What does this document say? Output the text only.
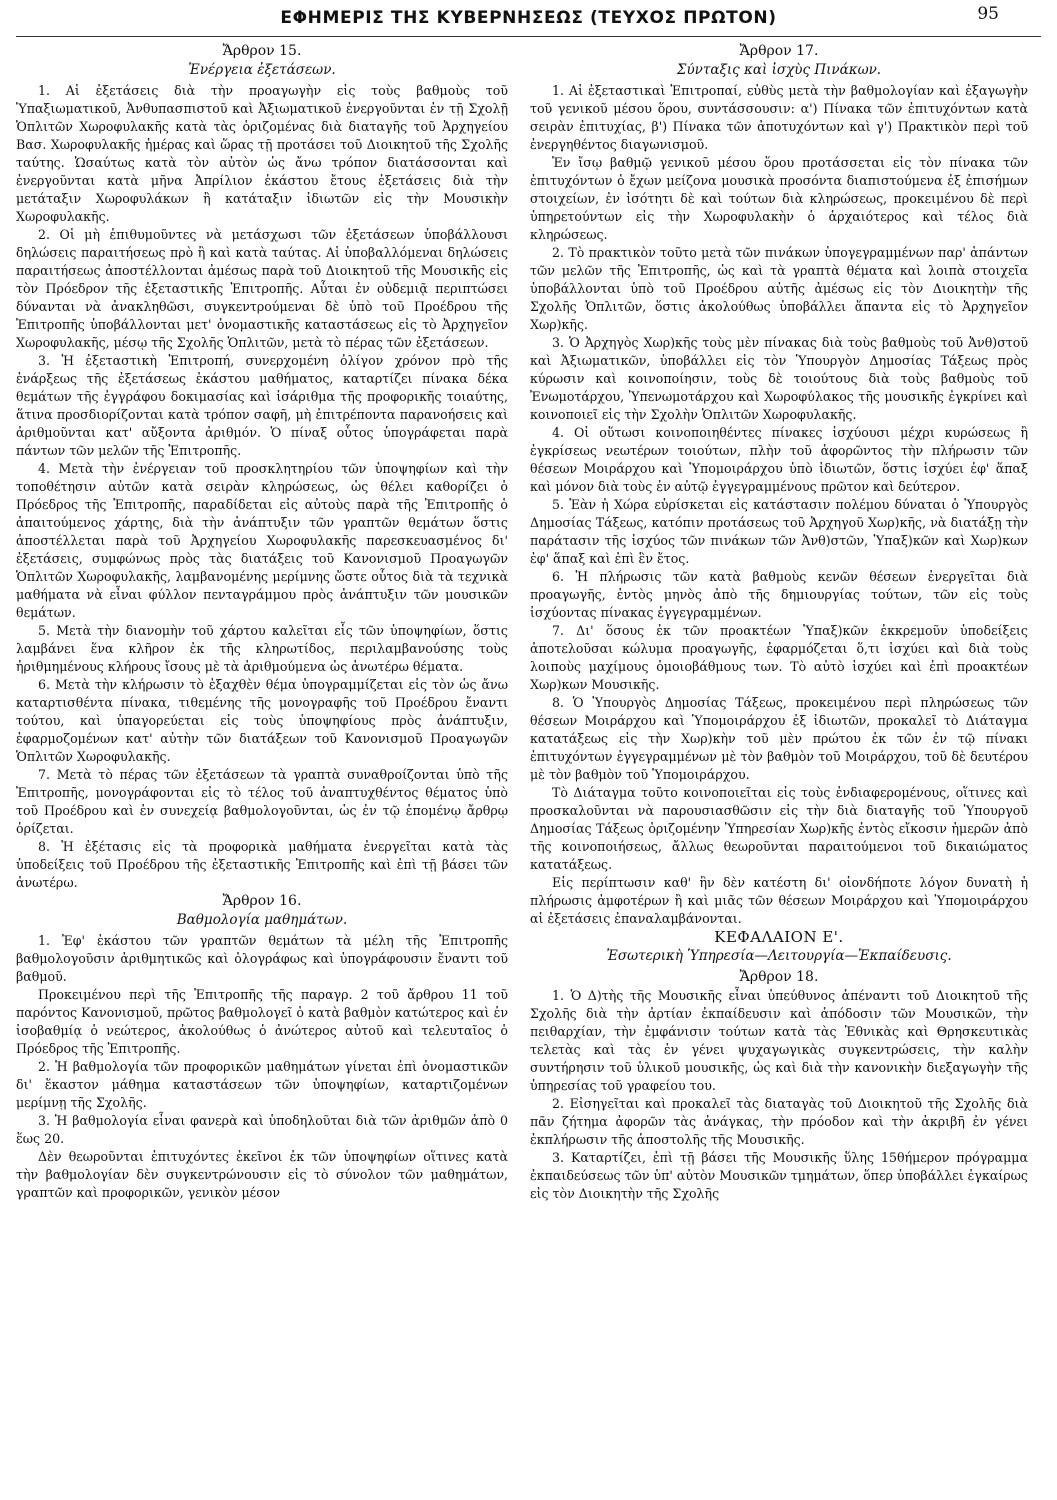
ΕΦΗΜΕΡΙΣ ΤΗΣ ΚΥΒΕΡΝΗΣΕΩΣ (ΤΕΥΧΟΣ ΠΡΩΤΟΝ)	95
Ἄρθρον 15.
Ἐνέργεια ἐξετάσεων.

1. Αἱ ἐξετάσεις διὰ τὴν προαγωγὴν εἰς τοὺς βαθμοὺς τοῦ Ὑπαξιωματικοῦ, Ἀνθυπασπιστοῦ καὶ Ἀξιωματικοῦ ἐνεργοῦνται ἐν τῇ Σχολῇ Ὁπλιτῶν Χωροφυλακῆς κατὰ τὰς ὁριζομένας διὰ διαταγῆς τοῦ Ἀρχηγείου Βασ. Χωροφυλακῆς ἡμέρας καὶ ὥρας τῇ προτάσει τοῦ Διοικητοῦ τῆς Σχολῆς ταύτης. Ὡσαύτως κατὰ τὸν αὐτὸν ὡς ἄνω τρόπον διατάσσονται καὶ ἐνεργοῦνται κατὰ μῆνα Ἀπρίλιον ἑκάστου ἔτους ἐξετάσεις διὰ τὴν μετάταξιν Χωροφυλάκων ἢ κατάταξιν ἰδιωτῶν εἰς τὴν Μουσικὴν Χωροφυλακῆς.

2. Οἱ μὴ ἐπιθυμοῦντες νὰ μετάσχωσι τῶν ἐξετάσεων ὑποβάλλουσι δηλώσεις παραιτήσεως πρὸ ἢ καὶ κατὰ ταύτας. Αἱ ὑποβαλλόμεναι δηλώσεις παραιτήσεως ἀποστέλλονται ἀμέσως παρὰ τοῦ Διοικητοῦ τῆς Μουσικῆς εἰς τὸν Πρόεδρον τῆς ἐξεταστικῆς Ἐπιτροπῆς. Αὗται ἐν οὐδεμιᾷ περιπτώσει δύνανται νὰ ἀνακληθῶσι, συγκεντρούμεναι δὲ ὑπὸ τοῦ Προέδρου τῆς Ἐπιτροπῆς ὑποβάλλονται μετ' ὀνομαστικῆς καταστάσεως εἰς τὸ Ἀρχηγεῖον Χωροφυλακῆς, μέσῳ τῆς Σχολῆς Ὁπλιτῶν, μετὰ τὸ πέρας τῶν ἐξετάσεων.

3. Ἡ ἐξεταστικὴ Ἐπιτροπή, συνερχομένη ὀλίγον χρόνον πρὸ τῆς ἐνάρξεως τῆς ἐξετάσεως ἑκάστου μαθήματος, καταρτίζει πίνακα δέκα θεμάτων τῆς ἐγγράφου δοκιμασίας καὶ ἰσάριθμα τῆς προφορικῆς τοιαύτης, ἅτινα προσδιορίζονται κατὰ τρόπον σαφῆ, μὴ ἐπιτρέποντα παρανοήσεις καὶ ἀριθμοῦνται κατ' αὔξοντα ἀριθμόν. Ὁ πίναξ οὗτος ὑπογράφεται παρὰ πάντων τῶν μελῶν τῆς Ἐπιτροπῆς.

4. Μετὰ τὴν ἐνέργειαν τοῦ προσκλητηρίου τῶν ὑποψηφίων καὶ τὴν τοποθέτησιν αὐτῶν κατὰ σειρὰν κληρώσεως, ὡς θέλει καθορίζει ὁ Πρόεδρος τῆς Ἐπιτροπῆς, παραδίδεται εἰς αὐτοὺς παρὰ τῆς Ἐπιτροπῆς ὁ ἀπαιτούμενος χάρτης, διὰ τὴν ἀνάπτυξιν τῶν γραπτῶν θεμάτων ὅστις ἀποστέλλεται παρὰ τοῦ Ἀρχηγείου Χωροφυλακῆς παρεσκευασμένος δι' ἐξετάσεις, συμφώνως πρὸς τὰς διατάξεις τοῦ Κανονισμοῦ Προαγωγῶν Ὁπλιτῶν Χωροφυλακῆς, λαμβανομένης μερίμνης ὥστε οὗτος διὰ τὰ τεχνικὰ μαθήματα νὰ εἶναι φύλλον πενταγράμμου πρὸς ἀνάπτυξιν τῶν μουσικῶν θεμάτων.

5. Μετὰ τὴν διανομὴν τοῦ χάρτου καλεῖται εἷς τῶν ὑποψηφίων, ὅστις λαμβάνει ἕνα κλῆρον ἐκ τῆς κληρωτίδος, περιλαμβανούσης τοὺς ἠριθμημένους κλήρους ἴσους μὲ τὰ ἀριθμούμενα ὡς ἀνωτέρω θέματα.

6. Μετὰ τὴν κλήρωσιν τὸ ἐξαχθὲν θέμα ὑπογραμμίζεται εἰς τὸν ὡς ἄνω καταρτισθέντα πίνακα, τιθεμένης τῆς μονογραφῆς τοῦ Προέδρου ἔναντι τούτου, καὶ ὑπαγορεύεται εἰς τοὺς ὑποψηφίους πρὸς ἀνάπτυξιν, ἐφαρμοζομένων κατ' αὐτὴν τῶν διατάξεων τοῦ Κανονισμοῦ Προαγωγῶν Ὁπλιτῶν Χωροφυλακῆς.

7. Μετὰ τὸ πέρας τῶν ἐξετάσεων τὰ γραπτὰ συναθροίζονται ὑπὸ τῆς Ἐπιτροπῆς, μονογράφονται εἰς τὸ τέλος τοῦ ἀναπτυχθέντος θέματος ὑπὸ τοῦ Προέδρου καὶ ἐν συνεχείᾳ βαθμολογοῦνται, ὡς ἐν τῷ ἑπομένῳ ἄρθρῳ ὁρίζεται.

8. Ἡ ἐξέτασις εἰς τὰ προφορικὰ μαθήματα ἐνεργεῖται κατὰ τὰς ὑποδείξεις τοῦ Προέδρου τῆς ἐξεταστικῆς Ἐπιτροπῆς καὶ ἐπὶ τῇ βάσει τῶν ἀνωτέρω.

Ἄρθρον 16.
Βαθμολογία μαθημάτων.

1. Ἐφ' ἑκάστου τῶν γραπτῶν θεμάτων τὰ μέλη τῆς Ἐπιτροπῆς βαθμολογοῦσιν ἀριθμητικῶς καὶ ὁλογράφως καὶ ὑπογράφουσιν ἔναντι τοῦ βαθμοῦ.

Προκειμένου περὶ τῆς Ἐπιτροπῆς τῆς παραγρ. 2 τοῦ ἄρθρου 11 τοῦ παρόντος Κανονισμοῦ, πρῶτος βαθμολογεῖ ὁ κατὰ βαθμὸν κατώτερος καὶ ἐν ἰσοβαθμίᾳ ὁ νεώτερος, ἀκολούθως ὁ ἀνώτερος αὐτοῦ καὶ τελευταῖος ὁ Πρόεδρος τῆς Ἐπιτροπῆς.

2. Ἡ βαθμολογία τῶν προφορικῶν μαθημάτων γίνεται ἐπὶ ὀνομαστικῶν δι' ἕκαστον μάθημα καταστάσεων τῶν ὑποψηφίων, καταρτιζομένων μερίμνῃ τῆς Σχολῆς.

3. Ἡ βαθμολογία εἶναι φανερὰ καὶ ὑποδηλοῦται διὰ τῶν ἀριθμῶν ἀπὸ 0 ἕως 20.

Δὲν θεωροῦνται ἐπιτυχόντες ἐκεῖνοι ἐκ τῶν ὑποψηφίων οἵτινες κατὰ τὴν βαθμολογίαν δὲν συγκεντρώνουσιν εἰς τὸ σύνολον τῶν μαθημάτων, γραπτῶν καὶ προφορικῶν, γενικὸν μέσον

Ἄρθρον 17.
Σύνταξις καὶ ἰσχὺς Πινάκων.

1. Αἱ ἐξεταστικαὶ Ἐπιτροπαί, εὐθὺς μετὰ τὴν βαθμολογίαν καὶ ἐξαγωγὴν τοῦ γενικοῦ μέσου ὅρου, συντάσσουσιν: α') Πίνακα τῶν ἐπιτυχόντων κατὰ σειρὰν ἐπιτυχίας, β') Πίνακα τῶν ἀποτυχόντων καὶ γ') Πρακτικὸν περὶ τοῦ ἐνεργηθέντος διαγωνισμοῦ.

Ἐν ἴσῳ βαθμῷ γενικοῦ μέσου ὅρου προτάσσεται εἰς τὸν πίνακα τῶν ἐπιτυχόντων ὁ ἔχων μείζονα μουσικὰ προσόντα διαπιστούμενα ἐξ ἐπισήμων στοιχείων, ἐν ἰσότητι δὲ καὶ τούτων διὰ κληρώσεως, προκειμένου δὲ περὶ ὑπηρετούντων εἰς τὴν Χωροφυλακὴν ὁ ἀρχαιότερος καὶ τέλος διὰ κληρώσεως.

2. Τὸ πρακτικὸν τοῦτο μετὰ τῶν πινάκων ὑπογεγραμμένων παρ' ἁπάντων τῶν μελῶν τῆς Ἐπιτροπῆς, ὡς καὶ τὰ γραπτὰ θέματα καὶ λοιπὰ στοιχεῖα ὑποβάλλονται ὑπὸ τοῦ Προέδρου αὐτῆς ἀμέσως εἰς τὸν Διοικητὴν τῆς Σχολῆς Ὁπλιτῶν, ὅστις ἀκολούθως ὑποβάλλει ἅπαντα εἰς τὸ Ἀρχηγεῖον Χωρ)κῆς.

3. Ὁ Ἀρχηγὸς Χωρ)κῆς τοὺς μὲν πίνακας διὰ τοὺς βαθμοὺς τοῦ Ἀνθ)στοῦ καὶ Ἀξιωματικῶν, ὑποβάλλει εἰς τὸν Ὑπουργὸν Δημοσίας Τάξεως πρὸς κύρωσιν καὶ κοινοποίησιν, τοὺς δὲ τοιούτους διὰ τοὺς βαθμοὺς τοῦ Ἐνωμοτάρχου, Ὑπενωμοτάρχου καὶ Χωροφύλακος τῆς μουσικῆς ἐγκρίνει καὶ κοινοποιεῖ εἰς τὴν Σχολὴν Ὁπλιτῶν Χωροφυλακῆς.

4. Οἱ οὕτωσι κοινοποιηθέντες πίνακες ἰσχύουσι μέχρι κυρώσεως ἢ ἐγκρίσεως νεωτέρων τοιούτων, πλὴν τοῦ ἀφορῶντος τὴν πλήρωσιν τῶν θέσεων Μοιράρχου καὶ Ὑπομοιράρχου ὑπὸ ἰδιωτῶν, ὅστις ἰσχύει ἐφ' ἅπαξ καὶ μόνον διὰ τοὺς ἐν αὐτῷ ἐγγεγραμμένους πρῶτον καὶ δεύτερον.

5. Ἐὰν ἡ Χώρα εὑρίσκεται εἰς κατάστασιν πολέμου δύναται ὁ Ὑπουργὸς Δημοσίας Τάξεως, κατόπιν προτάσεως τοῦ Ἀρχηγοῦ Χωρ)κῆς, νὰ διατάξῃ τὴν παράτασιν τῆς ἰσχύος τῶν πινάκων τῶν Ἀνθ)στῶν, Ὑπαξ)κῶν καὶ Χωρ)κων ἐφ' ἅπαξ καὶ ἐπὶ ἓν ἔτος.

6. Ἡ πλήρωσις τῶν κατὰ βαθμοὺς κενῶν θέσεων ἐνεργεῖται διὰ προαγωγῆς, ἐντὸς μηνὸς ἀπὸ τῆς δημιουργίας τούτων, τῶν εἰς τοὺς ἰσχύοντας πίνακας ἐγγεγραμμένων.

7. Δι' ὅσους ἐκ τῶν προακτέων Ὑπαξ)κῶν ἐκκρεμοῦν ὑποδείξεις ἀποτελοῦσαι κώλυμα προαγωγῆς, ἐφαρμόζεται ὅ,τι ἰσχύει καὶ διὰ τοὺς λοιποὺς μαχίμους ὁμοιοβάθμους των. Τὸ αὐτὸ ἰσχύει καὶ ἐπὶ προακτέων Χωρ)κων Μουσικῆς.

8. Ὁ Ὑπουργὸς Δημοσίας Τάξεως, προκειμένου περὶ πληρώσεως τῶν θέσεων Μοιράρχου καὶ Ὑπομοιράρχου ἐξ ἰδιωτῶν, προκαλεῖ τὸ Διάταγμα κατατάξεως εἰς τὴν Χωρ)κὴν τοῦ μὲν πρώτου ἐκ τῶν ἐν τῷ πίνακι ἐπιτυχόντων ἐγγεγραμμένων μὲ τὸν βαθμὸν τοῦ Μοιράρχου, τοῦ δὲ δευτέρου μὲ τὸν βαθμὸν τοῦ Ὑπομοιράρχου.

Τὸ Διάταγμα τοῦτο κοινοποιεῖται εἰς τοὺς ἐνδιαφερομένους, οἵτινες καὶ προσκαλοῦνται νὰ παρουσιασθῶσιν εἰς τὴν διὰ διαταγῆς τοῦ Ὑπουργοῦ Δημοσίας Τάξεως ὁριζομένην Ὑπηρεσίαν Χωρ)κῆς ἐντὸς εἴκοσιν ἡμερῶν ἀπὸ τῆς κοινοποιήσεως, ἄλλως θεωροῦνται παραιτούμενοι τοῦ δικαιώματος κατατάξεως.

Εἰς περίπτωσιν καθ' ἣν δὲν κατέστη δι' οἱονδήποτε λόγον δυνατὴ ἡ πλήρωσις ἀμφοτέρων ἢ καὶ μιᾶς τῶν θέσεων Μοιράρχου καὶ Ὑπομοιράρχου αἱ ἐξετάσεις ἐπαναλαμβάνονται.

ΚΕΦΑΛΑΙΟΝ Ε'.
Ἐσωτερικὴ Ὑπηρεσία—Λειτουργία—Ἐκπαίδευσις.
Ἄρθρον 18.

1. Ὁ Δ)τὴς τῆς Μουσικῆς εἶναι ὑπεύθυνος ἀπέναντι τοῦ Διοικητοῦ τῆς Σχολῆς διὰ τὴν ἀρτίαν ἐκπαίδευσιν καὶ ἀπόδοσιν τῶν Μουσικῶν, τὴν πειθαρχίαν, τὴν ἐμφάνισιν τούτων κατὰ τὰς Ἐθνικὰς καὶ Θρησκευτικὰς τελετὰς καὶ τὰς ἐν γένει ψυχαγωγικὰς συγκεντρώσεις, τὴν καλὴν συντήρησιν τοῦ ὑλικοῦ μουσικῆς, ὡς καὶ διὰ τὴν κανονικὴν διεξαγωγὴν τῆς ὑπηρεσίας τοῦ γραφείου του.

2. Εἰσηγεῖται καὶ προκαλεῖ τὰς διαταγὰς τοῦ Διοικητοῦ τῆς Σχολῆς διὰ πᾶν ζήτημα ἀφορῶν τὰς ἀνάγκας, τὴν πρόοδον καὶ τὴν ἀκριβῆ ἐν γένει ἐκπλήρωσιν τῆς ἀποστολῆς τῆς Μουσικῆς.

3. Καταρτίζει, ἐπὶ τῇ βάσει τῆς Μουσικῆς ὕλης 15θήμερον πρόγραμμα ἐκπαιδεύσεως τῶν ὑπ' αὐτὸν Μουσικῶν τμημάτων, ὅπερ ὑποβάλλει ἐγκαίρως εἰς τὸν Διοικητὴν τῆς Σχολῆς
